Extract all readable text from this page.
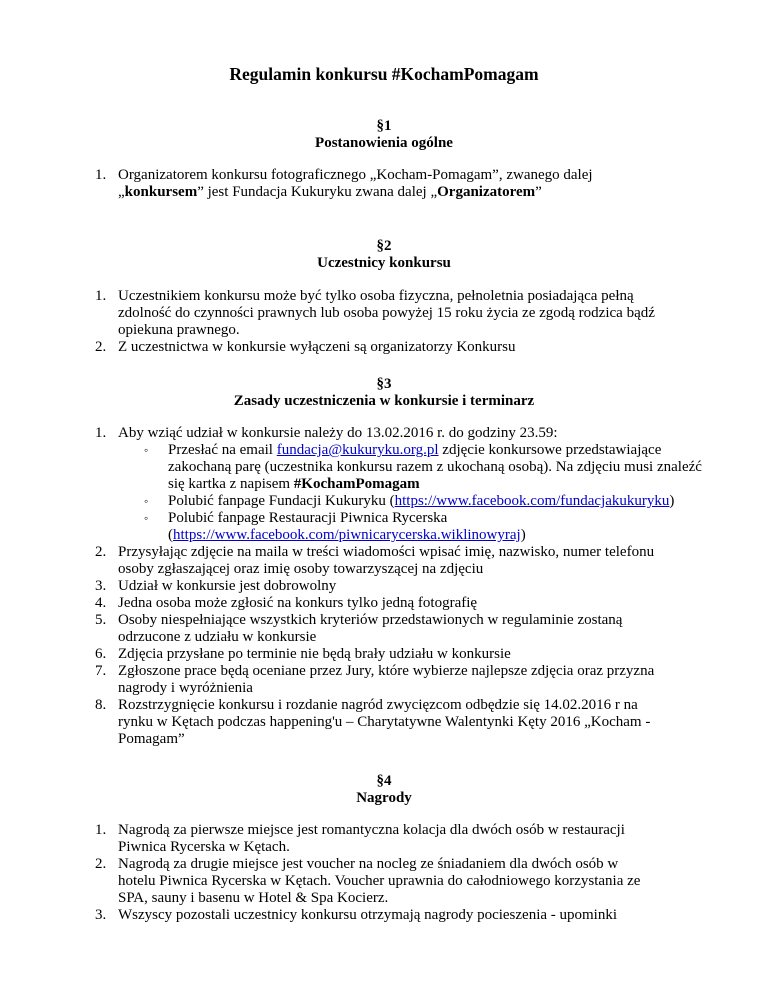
Regulamin konkursu #KochamPomagam
§1
Postanowienia ogólne
1. Organizatorem konkursu fotograficznego „Kocham-Pomagam”, zwanego dalej „konkursem” jest Fundacja Kukuryku zwana dalej „Organizatorem”
§2
Uczestnicy konkursu
1. Uczestnikiem konkursu może być tylko osoba fizyczna, pełnoletnia posiadająca pełną zdolność do czynności prawnych lub osoba powyżej 15 roku życia ze zgodą rodzica bądź opiekuna prawnego.
2. Z uczestnictwa w konkursie wyłączeni są organizatorzy Konkursu
§3
Zasady uczestniczenia w konkursie i terminarz
1. Aby wziąć udział w konkursie należy do 13.02.2016 r. do godziny 23.59:
◦ Przesłać na email fundacja@kukuryku.org.pl zdjęcie konkursowe przedstawiające zakochaną parę (uczestnika konkursu razem z ukochaną osobą). Na zdjęciu musi znaleźć się kartka z napisem #KochamPomagam
◦ Polubić fanpage Fundacji Kukuryku (https://www.facebook.com/fundacjakukuryku)
◦ Polubić fanpage Restauracji Piwnica Rycerska (https://www.facebook.com/piwnicarycerska.wiklinowyraj)
2. Przysyłając zdjęcie na maila w treści wiadomości wpisać imię, nazwisko, numer telefonu osoby zgłaszającej oraz imię osoby towarzyszącej na zdjęciu
3. Udział w konkursie jest dobrowolny
4. Jedna osoba może zgłosić na konkurs tylko jedną fotografię
5. Osoby niespełniające wszystkich kryteriów przedstawionych w regulaminie zostaną odrzucone z udziału w konkursie
6. Zdjęcia przysłane po terminie nie będą brały udziału w konkursie
7. Zgłoszone prace będą oceniane przez Jury, które wybierze najlepsze zdjęcia oraz przyzna nagrody i wyróżnienia
8. Rozstrzygnięcie konkursu i rozdanie nagród zwycięzcom odbędzie się 14.02.2016 r na rynku w Kętach podczas happening'u – Charytatywne Walentynki Kęty 2016 „Kocham - Pomagam”
§4
Nagrody
1. Nagrodą za pierwsze miejsce jest romantyczna kolacja dla dwóch osób w restauracji Piwnica Rycerska w Kętach.
2. Nagrodą za drugie miejsce jest voucher na nocleg ze śniadaniem dla dwóch osób w hotelu Piwnica Rycerska w Kętach. Voucher uprawnia do całodniowego korzystania ze SPA, sauny i basenu w Hotel & Spa Kocierz.
3. Wszyscy pozostali uczestnicy konkursu otrzymają nagrody pocieszenia - upominki
